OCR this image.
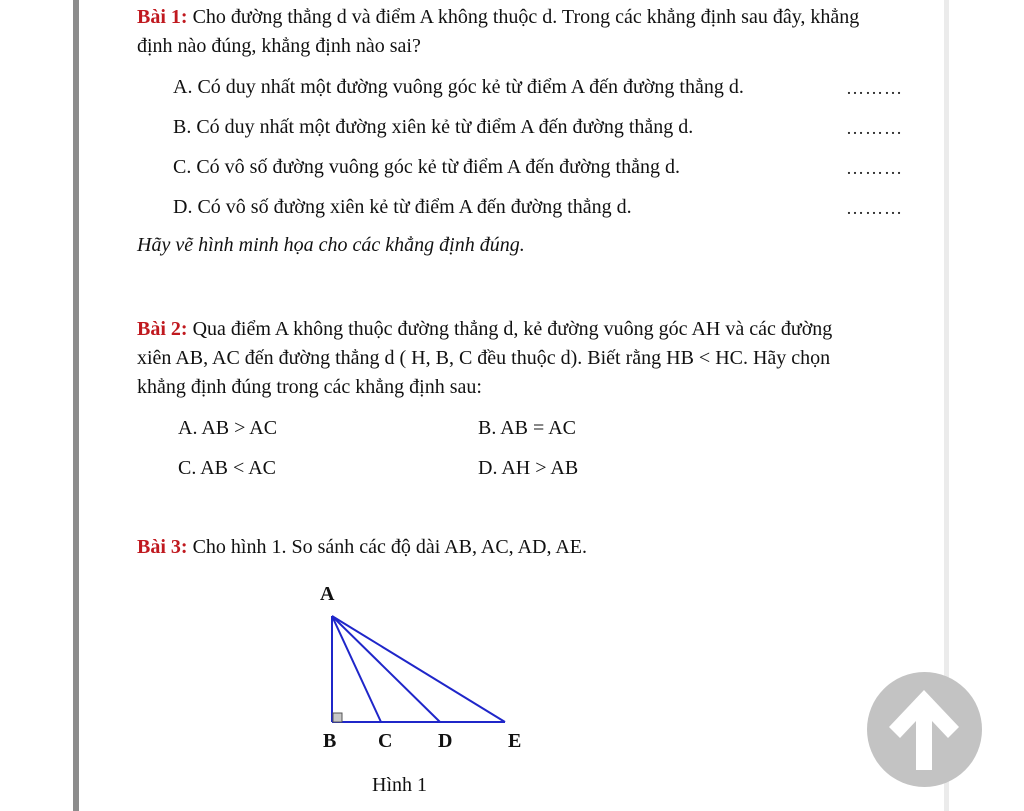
Bài 1: Cho đường thẳng d và điểm A không thuộc d. Trong các khẳng định sau đây, khẳng
định nào đúng, khẳng định nào sai?
A. Có duy nhất một đường vuông góc kẻ từ điểm A đến đường thẳng d.	………
B. Có duy nhất một đường xiên kẻ từ điểm A đến đường thẳng d.	………
C. Có vô số đường vuông góc kẻ từ điểm A đến đường thẳng d.	………
D. Có vô số đường xiên kẻ từ điểm A đến đường thẳng d.	………
Hãy vẽ hình minh họa cho các khẳng định đúng.
Bài 2: Qua điểm A không thuộc đường thẳng d, kẻ đường vuông góc AH và các đường
xiên AB, AC đến đường thẳng d ( H, B, C đều thuộc d). Biết rằng HB < HC. Hãy chọn
khẳng định đúng trong các khẳng định sau:
A. AB > AC	B. AB = AC
C. AB < AC	D. AH > AB
Bài 3: Cho hình 1. So sánh các độ dài AB, AC, AD, AE.
A
B C D	E
Hình 1
